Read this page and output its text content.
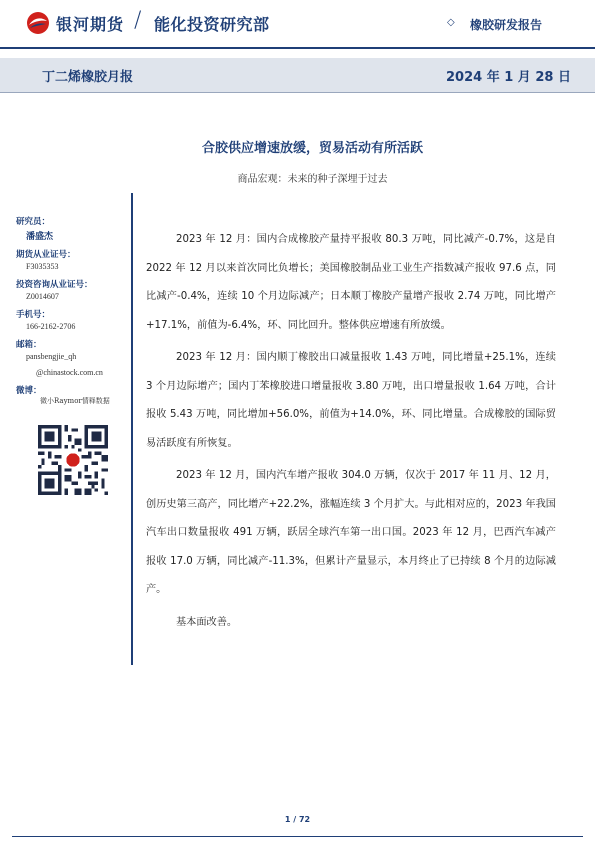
银河期货 / 能化投资研究部	◇ 橡胶研发报告
丁二烯橡胶月报	2024 年 1 月 28 日
合胶供应增速放缓，贸易活动有所活跃
商品宏观：未来的种子深埋于过去
研究员：
潘盛杰
期货从业证号：
F3035353
投资咨询从业证号：
Z0014607
手机号：
166-2162-2706
邮箱：
pansbengjie_qh
@chinastock.com.cn
微博：
微小Raymor情释数据

2023 年 12 月：国内合成橡胶产量持平报收 80.3 万吨，同比减产-0.7%，这是自 2022 年 12 月以来首次同比负增长；美国橡胶制品业工业生产指数减产报收 97.6 点，同比减产-0.4%，连续 10 个月边际减产；日本顺丁橡胶产量增产报收 2.74 万吨，同比增产+17.1%，前值为-6.4%，环、同比回升。整体供应增速有所放缓。

2023 年 12 月：国内顺丁橡胶出口减量报收 1.43 万吨，同比增量+25.1%，连续 3 个月边际增产；国内丁苯橡胶进口增量报收 3.80 万吨，出口增量报收 1.64 万吨，合计报收 5.43 万吨，同比增加+56.0%，前值为+14.0%，环、同比增量。合成橡胶的国际贸易活跃度有所恢复。

2023 年 12 月，国内汽车增产报收 304.0 万辆，仅次于 2017 年 11 月、12 月，创历史第三高产，同比增产+22.2%，涨幅连续 3 个月扩大。与此相对应的，2023 年我国汽车出口数量报收 491 万辆，跃居全球汽车第一出口国。2023 年 12 月，巴西汽车减产报收 17.0 万辆，同比减产-11.3%，但累计产量显示，本月终止了已持续 8 个月的边际减产。

基本面改善。

1 / 72
